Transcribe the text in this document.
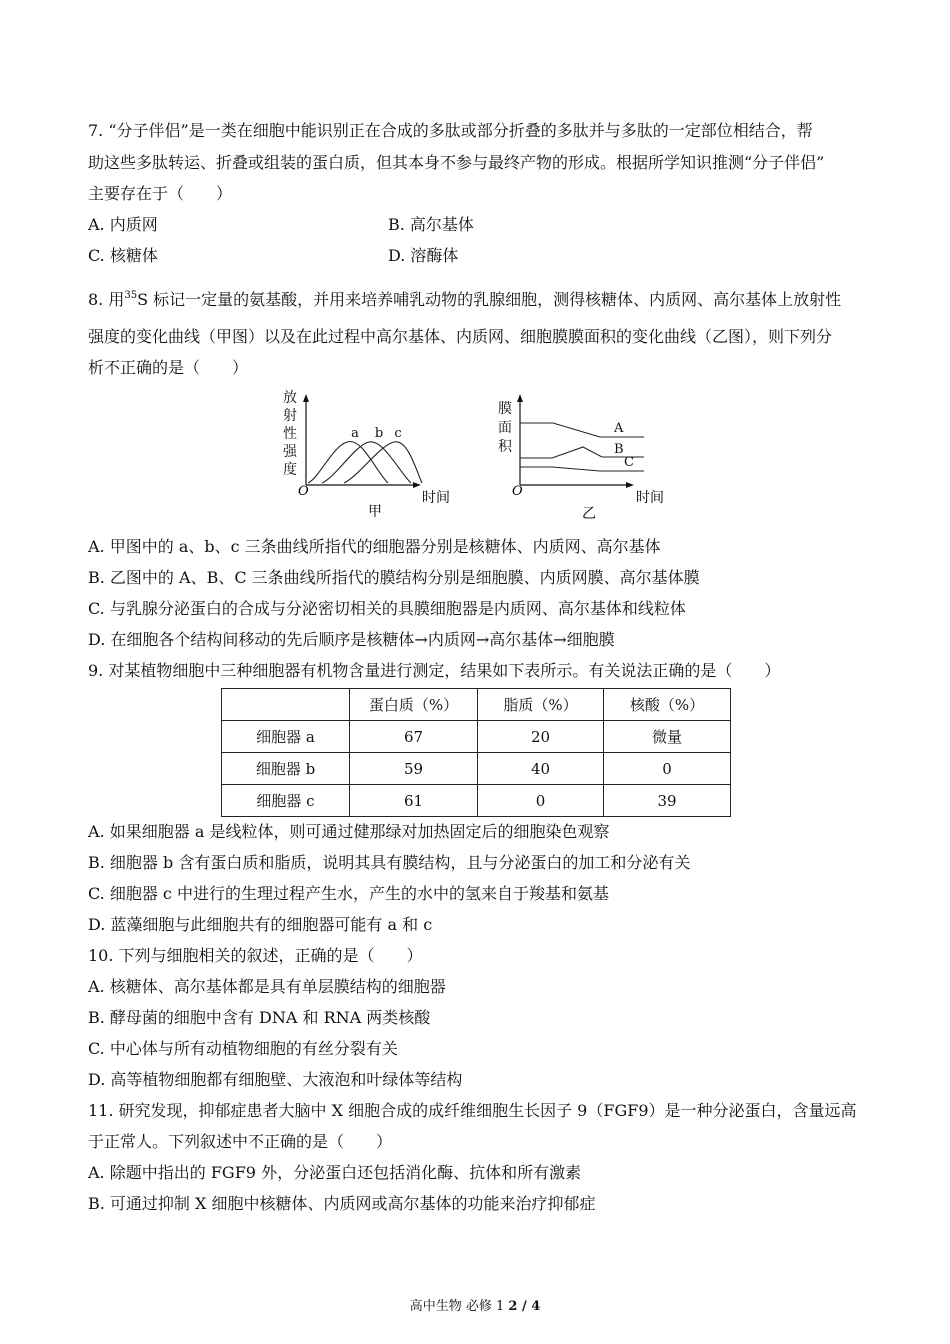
7. “分子伴侣”是一类在细胞中能识别正在合成的多肽或部分折叠的多肽并与多肽的一定部位相结合，帮
助这些多肽转运、折叠或组装的蛋白质，但其本身不参与最终产物的形成。根据所学知识推测“分子伴侣”
主要存在于（　　）
A. 内质网	B. 高尔基体
C. 核糖体	D. 溶酶体
8. 用$^{35}$S 标记一定量的氨基酸，并用来培养哺乳动物的乳腺细胞，测得核糖体、内质网、高尔基体上放射性
强度的变化曲线（甲图）以及在此过程中高尔基体、内质网、细胞膜膜面积的变化曲线（乙图），则下列分
析不正确的是（　　）
放
射
性
强
度
O	时间
a b c
甲
膜
面
积
O	时间
A
B
C
乙
A. 甲图中的 a、b、c 三条曲线所指代的细胞器分别是核糖体、内质网、高尔基体
B. 乙图中的 A、B、C 三条曲线所指代的膜结构分别是细胞膜、内质网膜、高尔基体膜
C. 与乳腺分泌蛋白的合成与分泌密切相关的具膜细胞器是内质网、高尔基体和线粒体
D. 在细胞各个结构间移动的先后顺序是核糖体→内质网→高尔基体→细胞膜
9. 对某植物细胞中三种细胞器有机物含量进行测定，结果如下表所示。有关说法正确的是（　　）
	蛋白质（%）	脂质（%）	核酸（%）
细胞器 a	67	20	微量
细胞器 b	59	40	0
细胞器 c	61	0	39
A. 如果细胞器 a 是线粒体，则可通过健那绿对加热固定后的细胞染色观察
B. 细胞器 b 含有蛋白质和脂质，说明其具有膜结构，且与分泌蛋白的加工和分泌有关
C. 细胞器 c 中进行的生理过程产生水，产生的水中的氢来自于羧基和氨基
D. 蓝藻细胞与此细胞共有的细胞器可能有 a 和 c
10. 下列与细胞相关的叙述，正确的是（　　）
A. 核糖体、高尔基体都是具有单层膜结构的细胞器
B. 酵母菌的细胞中含有 DNA 和 RNA 两类核酸
C. 中心体与所有动植物细胞的有丝分裂有关
D. 高等植物细胞都有细胞壁、大液泡和叶绿体等结构
11. 研究发现，抑郁症患者大脑中 X 细胞合成的成纤维细胞生长因子 9（FGF9）是一种分泌蛋白，含量远高
于正常人。下列叙述中不正确的是（　　）
A. 除题中指出的 FGF9 外，分泌蛋白还包括消化酶、抗体和所有激素
B. 可通过抑制 X 细胞中核糖体、内质网或高尔基体的功能来治疗抑郁症
高中生物 必修 1 2 / 4
